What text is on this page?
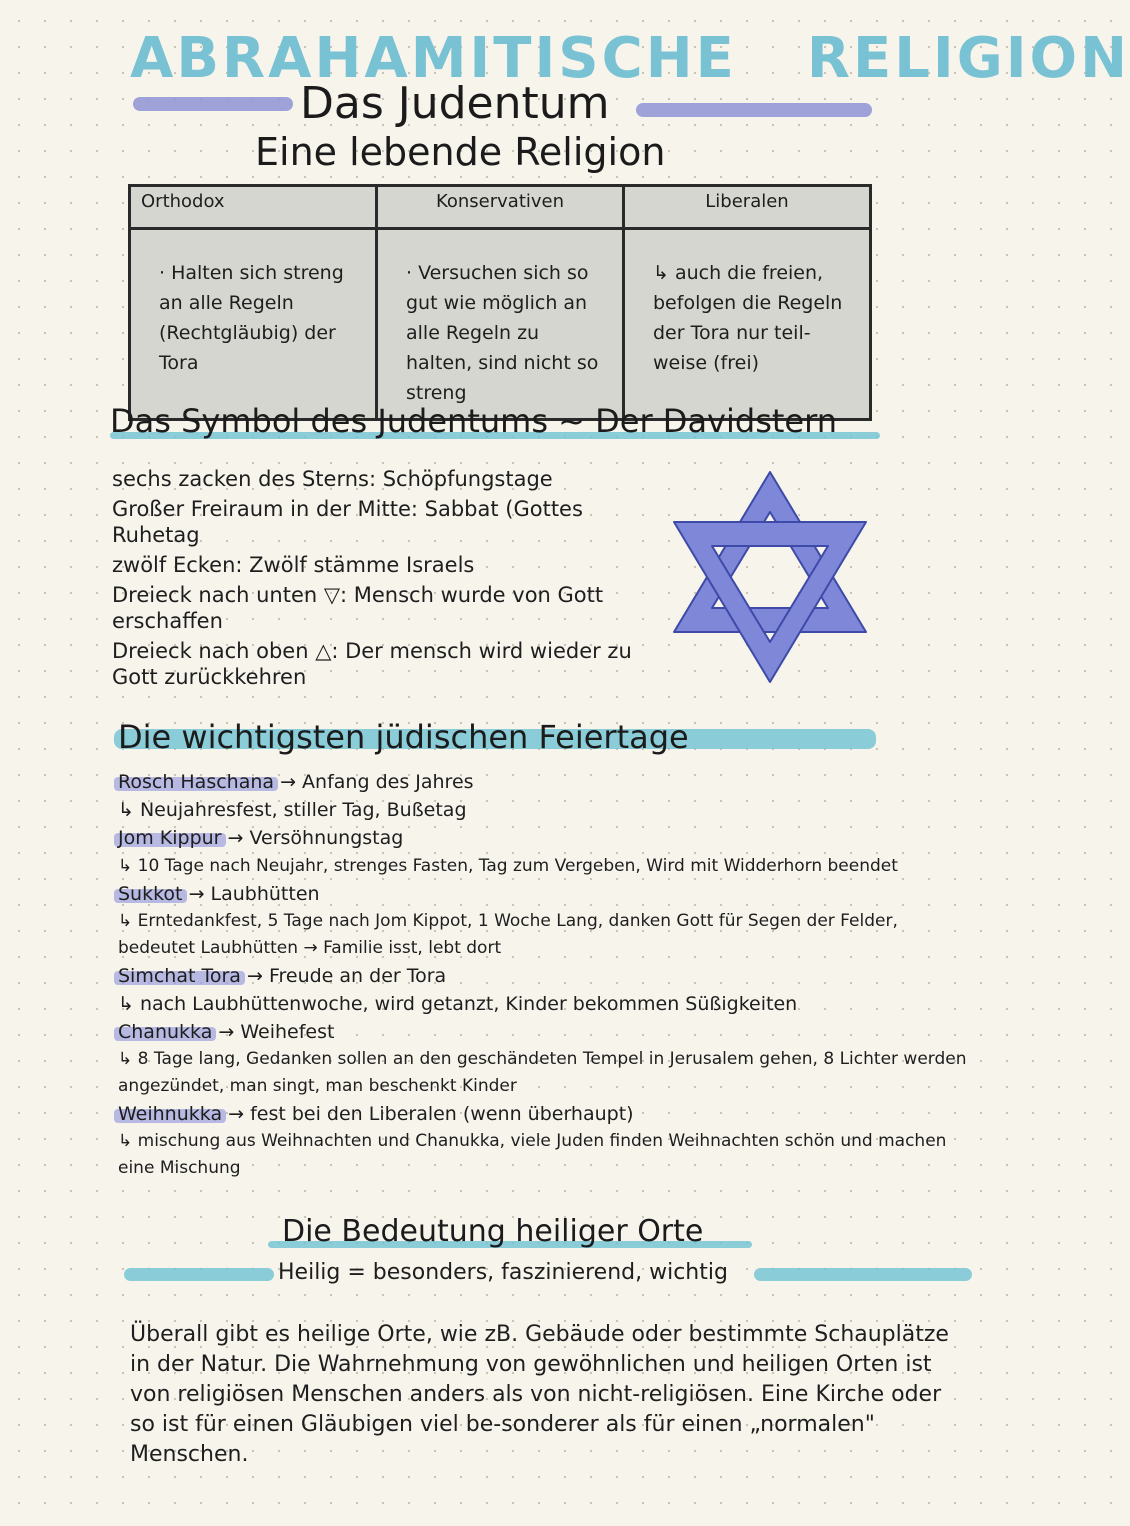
ABRAHAMITISCHE RELIGION
Das Judentum
Eine lebende Religion
Orthodox	Konservativen	Liberalen
· Halten sich streng an alle Regeln (Rechtgläubig) der Tora	· Versuchen sich so gut wie möglich an alle Regeln zu halten, sind nicht so streng	↳ auch die freien, befolgen die Regeln der Tora nur teil-weise (frei)
Das Symbol des Judentums ~ Der Davidstern
sechs zacken des Sterns: Schöpfungstage
Großer Freiraum in der Mitte: Sabbat (Gottes Ruhetag
zwölf Ecken: Zwölf stämme Israels
Dreieck nach unten ▽: Mensch wurde von Gott erschaffen
Dreieck nach oben △: Der mensch wird wieder zu Gott zurückkehren
Die wichtigsten jüdischen Feiertage
Rosch Haschana → Anfang des Jahres
↳ Neujahresfest, stiller Tag, Bußetag
Jom Kippur → Versöhnungstag
↳ 10 Tage nach Neujahr, strenges Fasten, Tag zum Vergeben, Wird mit Widderhorn beendet
Sukkot → Laubhütten
↳ Erntedankfest, 5 Tage nach Jom Kippot, 1 Woche Lang, danken Gott für Segen der Felder, bedeutet Laubhütten → Familie isst, lebt dort
Simchat Tora → Freude an der Tora
↳ nach Laubhüttenwoche, wird getanzt, Kinder bekommen Süßigkeiten
Chanukka → Weihefest
↳ 8 Tage lang, Gedanken sollen an den geschändeten Tempel in Jerusalem gehen, 8 Lichter werden angezündet, man singt, man beschenkt Kinder
Weihnukka → fest bei den Liberalen (wenn überhaupt)
↳ mischung aus Weihnachten und Chanukka, viele Juden finden Weihnachten schön und machen eine Mischung
Die Bedeutung heiliger Orte
Heilig = besonders, faszinierend, wichtig
Überall gibt es heilige Orte, wie zB. Gebäude oder bestimmte Schauplätze in der Natur. Die Wahrnehmung von gewöhnlichen und heiligen Orten ist von religiösen Menschen anders als von nicht-religiösen. Eine Kirche oder so ist für einen Gläubigen viel be-sonderer als für einen „normalen" Menschen.
